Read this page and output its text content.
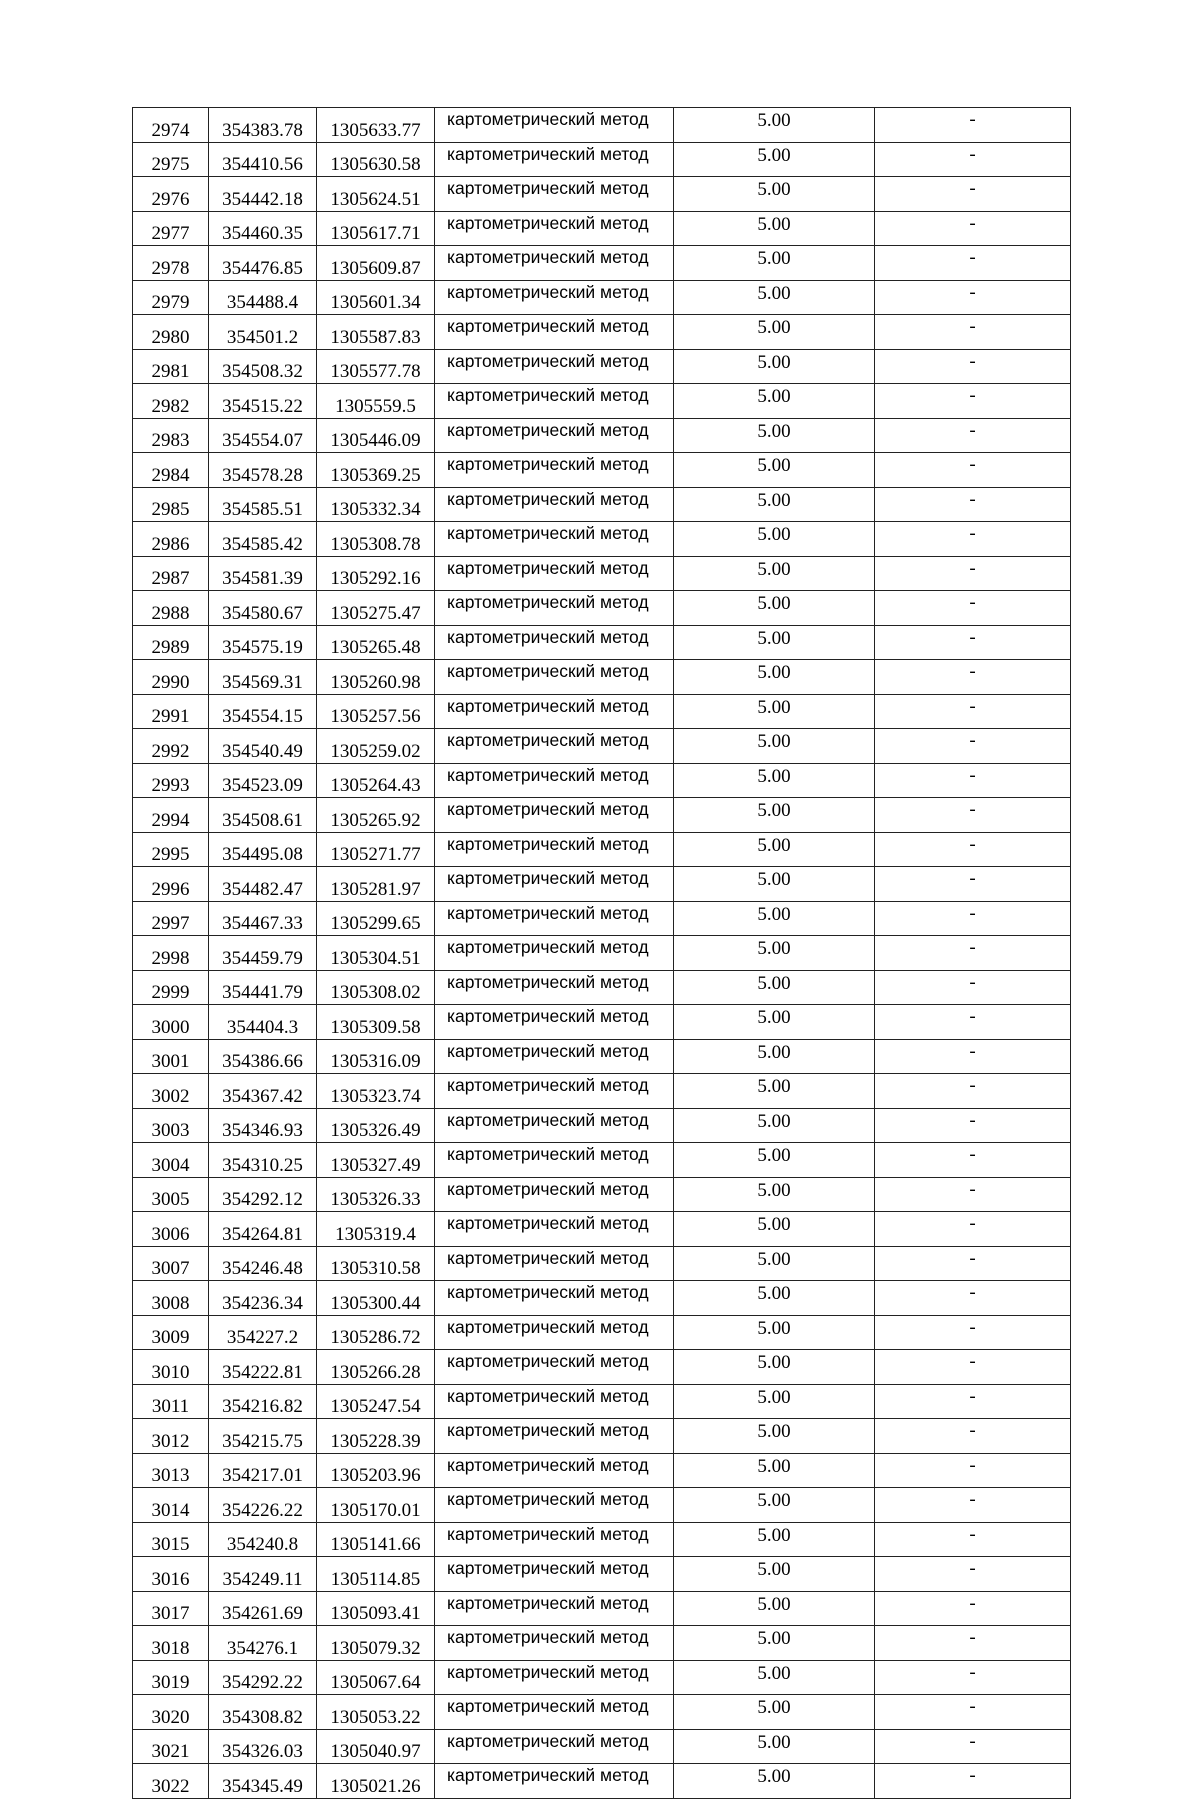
2974	354383.78	1305633.77	картометрический метод	5.00	-
2975	354410.56	1305630.58	картометрический метод	5.00	-
2976	354442.18	1305624.51	картометрический метод	5.00	-
2977	354460.35	1305617.71	картометрический метод	5.00	-
2978	354476.85	1305609.87	картометрический метод	5.00	-
2979	354488.4	1305601.34	картометрический метод	5.00	-
2980	354501.2	1305587.83	картометрический метод	5.00	-
2981	354508.32	1305577.78	картометрический метод	5.00	-
2982	354515.22	1305559.5	картометрический метод	5.00	-
2983	354554.07	1305446.09	картометрический метод	5.00	-
2984	354578.28	1305369.25	картометрический метод	5.00	-
2985	354585.51	1305332.34	картометрический метод	5.00	-
2986	354585.42	1305308.78	картометрический метод	5.00	-
2987	354581.39	1305292.16	картометрический метод	5.00	-
2988	354580.67	1305275.47	картометрический метод	5.00	-
2989	354575.19	1305265.48	картометрический метод	5.00	-
2990	354569.31	1305260.98	картометрический метод	5.00	-
2991	354554.15	1305257.56	картометрический метод	5.00	-
2992	354540.49	1305259.02	картометрический метод	5.00	-
2993	354523.09	1305264.43	картометрический метод	5.00	-
2994	354508.61	1305265.92	картометрический метод	5.00	-
2995	354495.08	1305271.77	картометрический метод	5.00	-
2996	354482.47	1305281.97	картометрический метод	5.00	-
2997	354467.33	1305299.65	картометрический метод	5.00	-
2998	354459.79	1305304.51	картометрический метод	5.00	-
2999	354441.79	1305308.02	картометрический метод	5.00	-
3000	354404.3	1305309.58	картометрический метод	5.00	-
3001	354386.66	1305316.09	картометрический метод	5.00	-
3002	354367.42	1305323.74	картометрический метод	5.00	-
3003	354346.93	1305326.49	картометрический метод	5.00	-
3004	354310.25	1305327.49	картометрический метод	5.00	-
3005	354292.12	1305326.33	картометрический метод	5.00	-
3006	354264.81	1305319.4	картометрический метод	5.00	-
3007	354246.48	1305310.58	картометрический метод	5.00	-
3008	354236.34	1305300.44	картометрический метод	5.00	-
3009	354227.2	1305286.72	картометрический метод	5.00	-
3010	354222.81	1305266.28	картометрический метод	5.00	-
3011	354216.82	1305247.54	картометрический метод	5.00	-
3012	354215.75	1305228.39	картометрический метод	5.00	-
3013	354217.01	1305203.96	картометрический метод	5.00	-
3014	354226.22	1305170.01	картометрический метод	5.00	-
3015	354240.8	1305141.66	картометрический метод	5.00	-
3016	354249.11	1305114.85	картометрический метод	5.00	-
3017	354261.69	1305093.41	картометрический метод	5.00	-
3018	354276.1	1305079.32	картометрический метод	5.00	-
3019	354292.22	1305067.64	картометрический метод	5.00	-
3020	354308.82	1305053.22	картометрический метод	5.00	-
3021	354326.03	1305040.97	картометрический метод	5.00	-
3022	354345.49	1305021.26	картометрический метод	5.00	-
